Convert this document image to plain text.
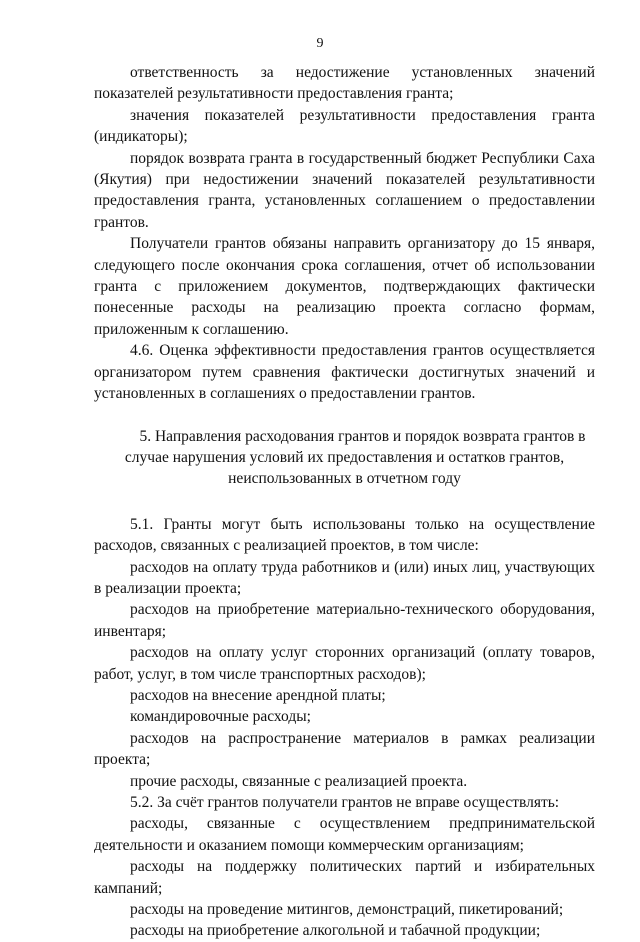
9

ответственность за недостижение установленных значений показателей результативности предоставления гранта;

значения показателей результативности предоставления гранта (индикаторы);

порядок возврата гранта в государственный бюджет Республики Саха (Якутия) при недостижении значений показателей результативности предоставления гранта, установленных соглашением о предоставлении грантов.

Получатели грантов обязаны направить организатору до 15 января, следующего после окончания срока соглашения, отчет об использовании гранта с приложением документов, подтверждающих фактически понесенные расходы на реализацию проекта согласно формам, приложенным к соглашению.

4.6. Оценка эффективности предоставления грантов осуществляется организатором путем сравнения фактически достигнутых значений и установленных в соглашениях о предоставлении грантов.

5. Направления расходования грантов и порядок возврата грантов в случае нарушения условий их предоставления и остатков грантов, неиспользованных в отчетном году

5.1. Гранты могут быть использованы только на осуществление расходов, связанных с реализацией проектов, в том числе:

расходов на оплату труда работников и (или) иных лиц, участвующих в реализации проекта;

расходов на приобретение материально-технического оборудования, инвентаря;

расходов на оплату услуг сторонних организаций (оплату товаров, работ, услуг, в том числе транспортных расходов);

расходов на внесение арендной платы;

командировочные расходы;

расходов на распространение материалов в рамках реализации проекта;

прочие расходы, связанные с реализацией проекта.

5.2. За счёт грантов получатели грантов не вправе осуществлять:

расходы, связанные с осуществлением предпринимательской деятельности и оказанием помощи коммерческим организациям;

расходы на поддержку политических партий и избирательных кампаний;

расходы на проведение митингов, демонстраций, пикетирований;

расходы на приобретение алкогольной и табачной продукции;
